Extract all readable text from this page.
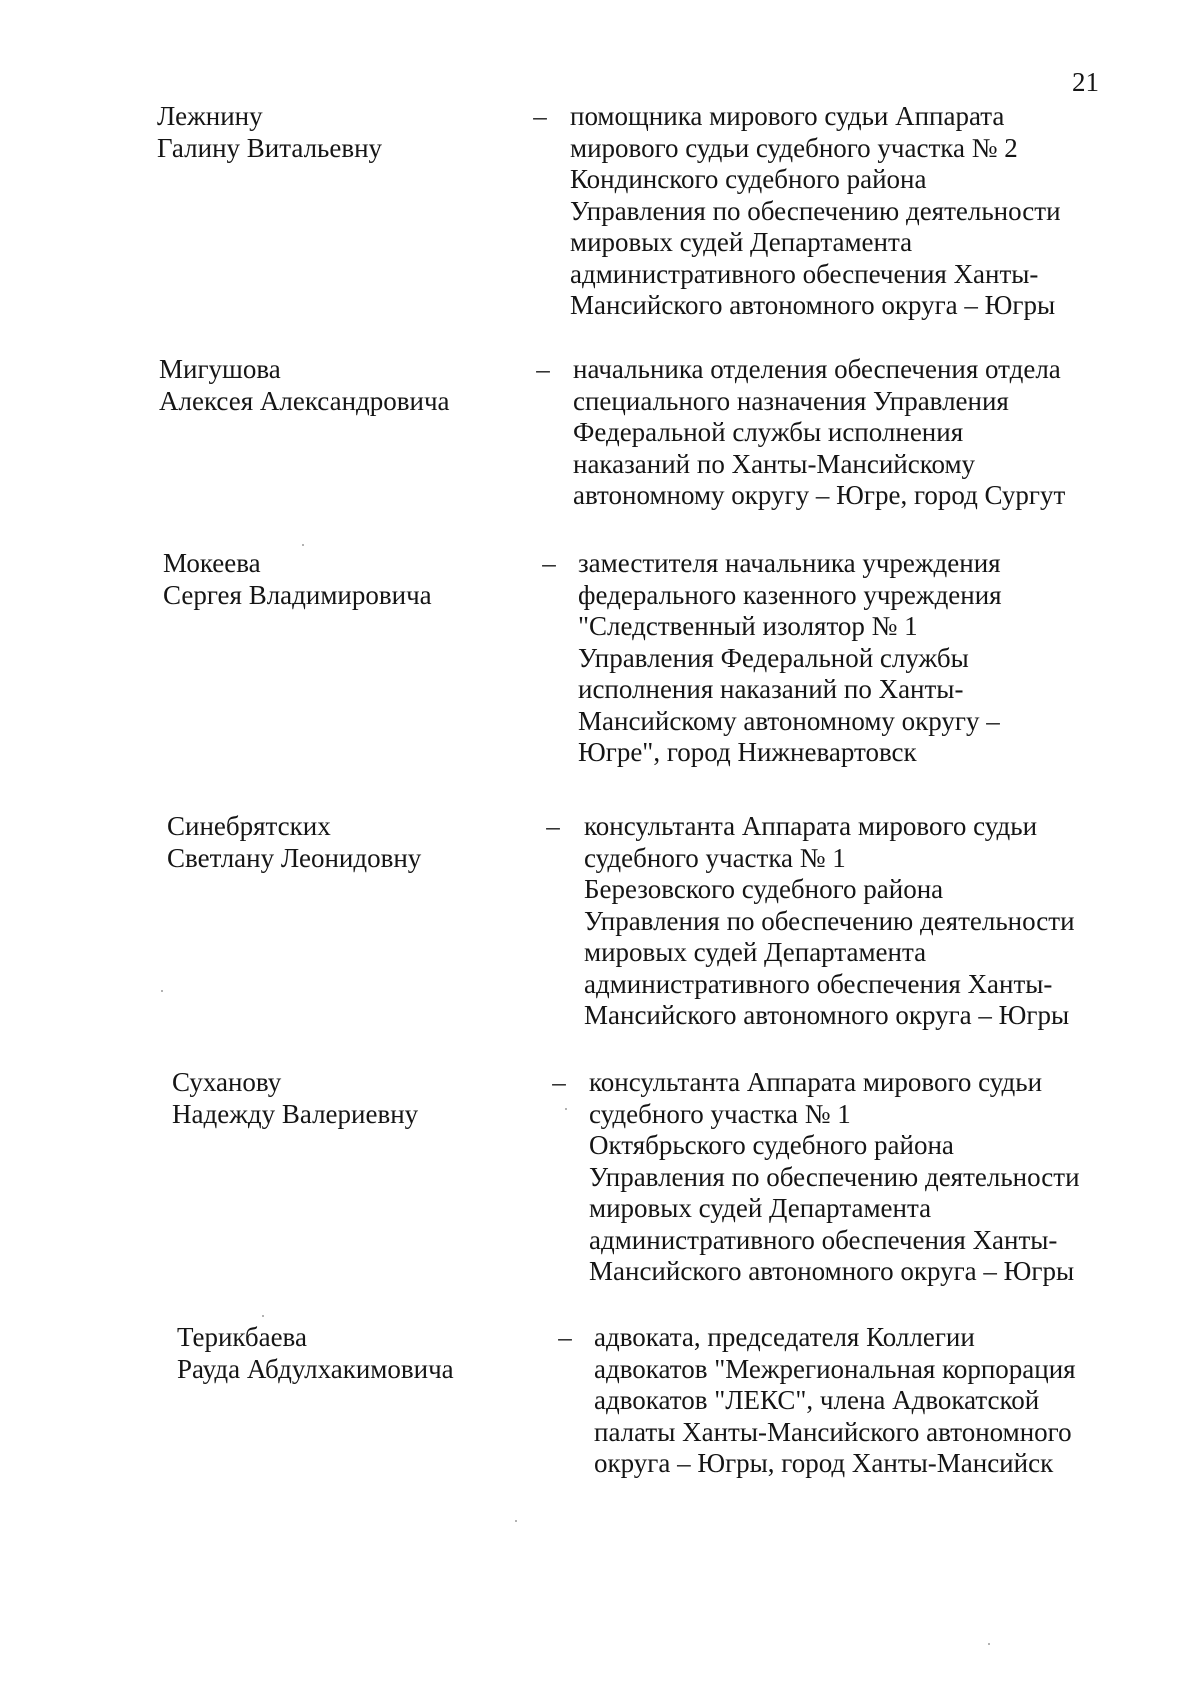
21
Лежнину
Галину Витальевну
– помощника мирового судьи Аппарата
мирового судьи судебного участка № 2
Кондинского судебного района
Управления по обеспечению деятельности
мировых судей Департамента
административного обеспечения Ханты-
Мансийского автономного округа – Югры
Мигушова
Алексея Александровича
– начальника отделения обеспечения отдела
специального назначения Управления
Федеральной службы исполнения
наказаний по Ханты-Мансийскому
автономному округу – Югре, город Сургут
Мокеева
Сергея Владимировича
– заместителя начальника учреждения
федерального казенного учреждения
"Следственный изолятор № 1
Управления Федеральной службы
исполнения наказаний по Ханты-
Мансийскому автономному округу –
Югре", город Нижневартовск
Синебрятских
Светлану Леонидовну
– консультанта Аппарата мирового судьи
судебного участка № 1
Березовского судебного района
Управления по обеспечению деятельности
мировых судей Департамента
административного обеспечения Ханты-
Мансийского автономного округа – Югры
Суханову
Надежду Валериевну
– консультанта Аппарата мирового судьи
судебного участка № 1
Октябрьского судебного района
Управления по обеспечению деятельности
мировых судей Департамента
административного обеспечения Ханты-
Мансийского автономного округа – Югры
Терикбаева
Рауда Абдулхакимовича
– адвоката, председателя Коллегии
адвокатов "Межрегиональная корпорация
адвокатов "ЛЕКС", члена Адвокатской
палаты Ханты-Мансийского автономного
округа – Югры, город Ханты-Мансийск
